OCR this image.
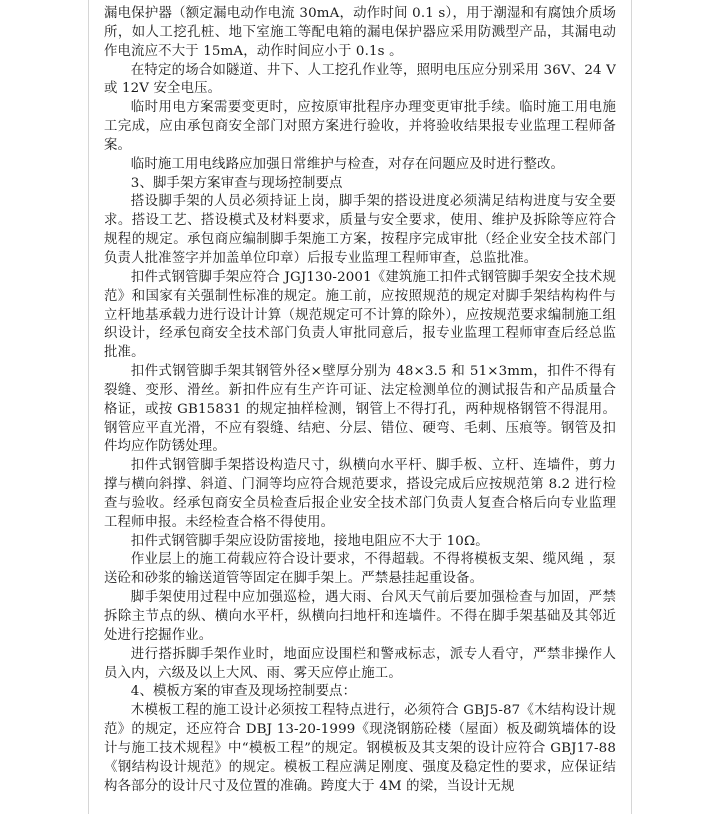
漏电保护器（额定漏电动作电流 30mA，动作时间 0.1 s），用于潮湿和有腐蚀介质场所，如人工挖孔桩、地下室施工等配电箱的漏电保护器应采用防溅型产品，其漏电动作电流应不大于 15mA，动作时间应小于 0.1s 。

在特定的场合如隧道、井下、人工挖孔作业等，照明电压应分别采用 36V、24 V 或 12V 安全电压。

临时用电方案需要变更时，应按原审批程序办理变更审批手续。临时施工用电施工完成，应由承包商安全部门对照方案进行验收，并将验收结果报专业监理工程师备案。

临时施工用电线路应加强日常维护与检查，对存在问题应及时进行整改。

3、脚手架方案审查与现场控制要点

搭设脚手架的人员必须持证上岗，脚手架的搭设进度必须满足结构进度与安全要求。搭设工艺、搭设模式及材料要求，质量与安全要求，使用、维护及拆除等应符合规程的规定。承包商应编制脚手架施工方案，按程序完成审批（经企业安全技术部门负责人批准签字并加盖单位印章）后报专业监理工程师审查，总监批准。

扣件式钢管脚手架应符合 JGJ130-2001《建筑施工扣件式钢管脚手架安全技术规范》和国家有关强制性标准的规定。施工前，应按照规范的规定对脚手架结构构件与立杆地基承载力进行设计计算（规范规定可不计算的除外），应按规范要求编制施工组织设计，经承包商安全技术部门负责人审批同意后，报专业监理工程师审查后经总监批准。

扣件式钢管脚手架其钢管外径×壁厚分别为 48×3.5 和 51×3mm，扣件不得有裂缝、变形、滑丝。新扣件应有生产许可证、法定检测单位的测试报告和产品质量合格证，或按 GB15831 的规定抽样检测，钢管上不得打孔，两种规格钢管不得混用。钢管应平直光滑，不应有裂缝、结疤、分层、错位、硬弯、毛刺、压痕等。钢管及扣件均应作防锈处理。

扣件式钢管脚手架搭设构造尺寸，纵横向水平杆、脚手板、立杆、连墙件，剪力撑与横向斜撑、斜道、门洞等均应符合规范要求，搭设完成后应按规范第 8.2 进行检查与验收。经承包商安全员检查后报企业安全技术部门负责人复查合格后向专业监理工程师申报。未经检查合格不得使用。

扣件式钢管脚手架应设防雷接地，接地电阻应不大于 10Ω。

作业层上的施工荷载应符合设计要求，不得超载。不得将模板支架、缆风绳 ，泵送砼和砂浆的输送道管等固定在脚手架上。严禁悬挂起重设备。

脚手架使用过程中应加强巡检，遇大雨、台风天气前后要加强检查与加固，严禁拆除主节点的纵、横向水平杆，纵横向扫地杆和连墙件。不得在脚手架基础及其邻近处进行挖掘作业。

进行搭拆脚手架作业时，地面应设围栏和警戒标志，派专人看守，严禁非操作人员入内，六级及以上大风、雨、雾天应停止施工。

4、模板方案的审查及现场控制要点：

木模板工程的施工设计必须按工程特点进行，必须符合 GBJ5-87《木结构设计规范》的规定，还应符合 DBJ 13-20-1999《现浇钢筋砼楼（屋面）板及砌筑墙体的设计与施工技术规程》中“模板工程”的规定。钢模板及其支架的设计应符合 GBJ17-88《钢结构设计规范》的规定。模板工程应满足刚度、强度及稳定性的要求，应保证结构各部分的设计尺寸及位置的准确。跨度大于 4M 的梁，当设计无规
